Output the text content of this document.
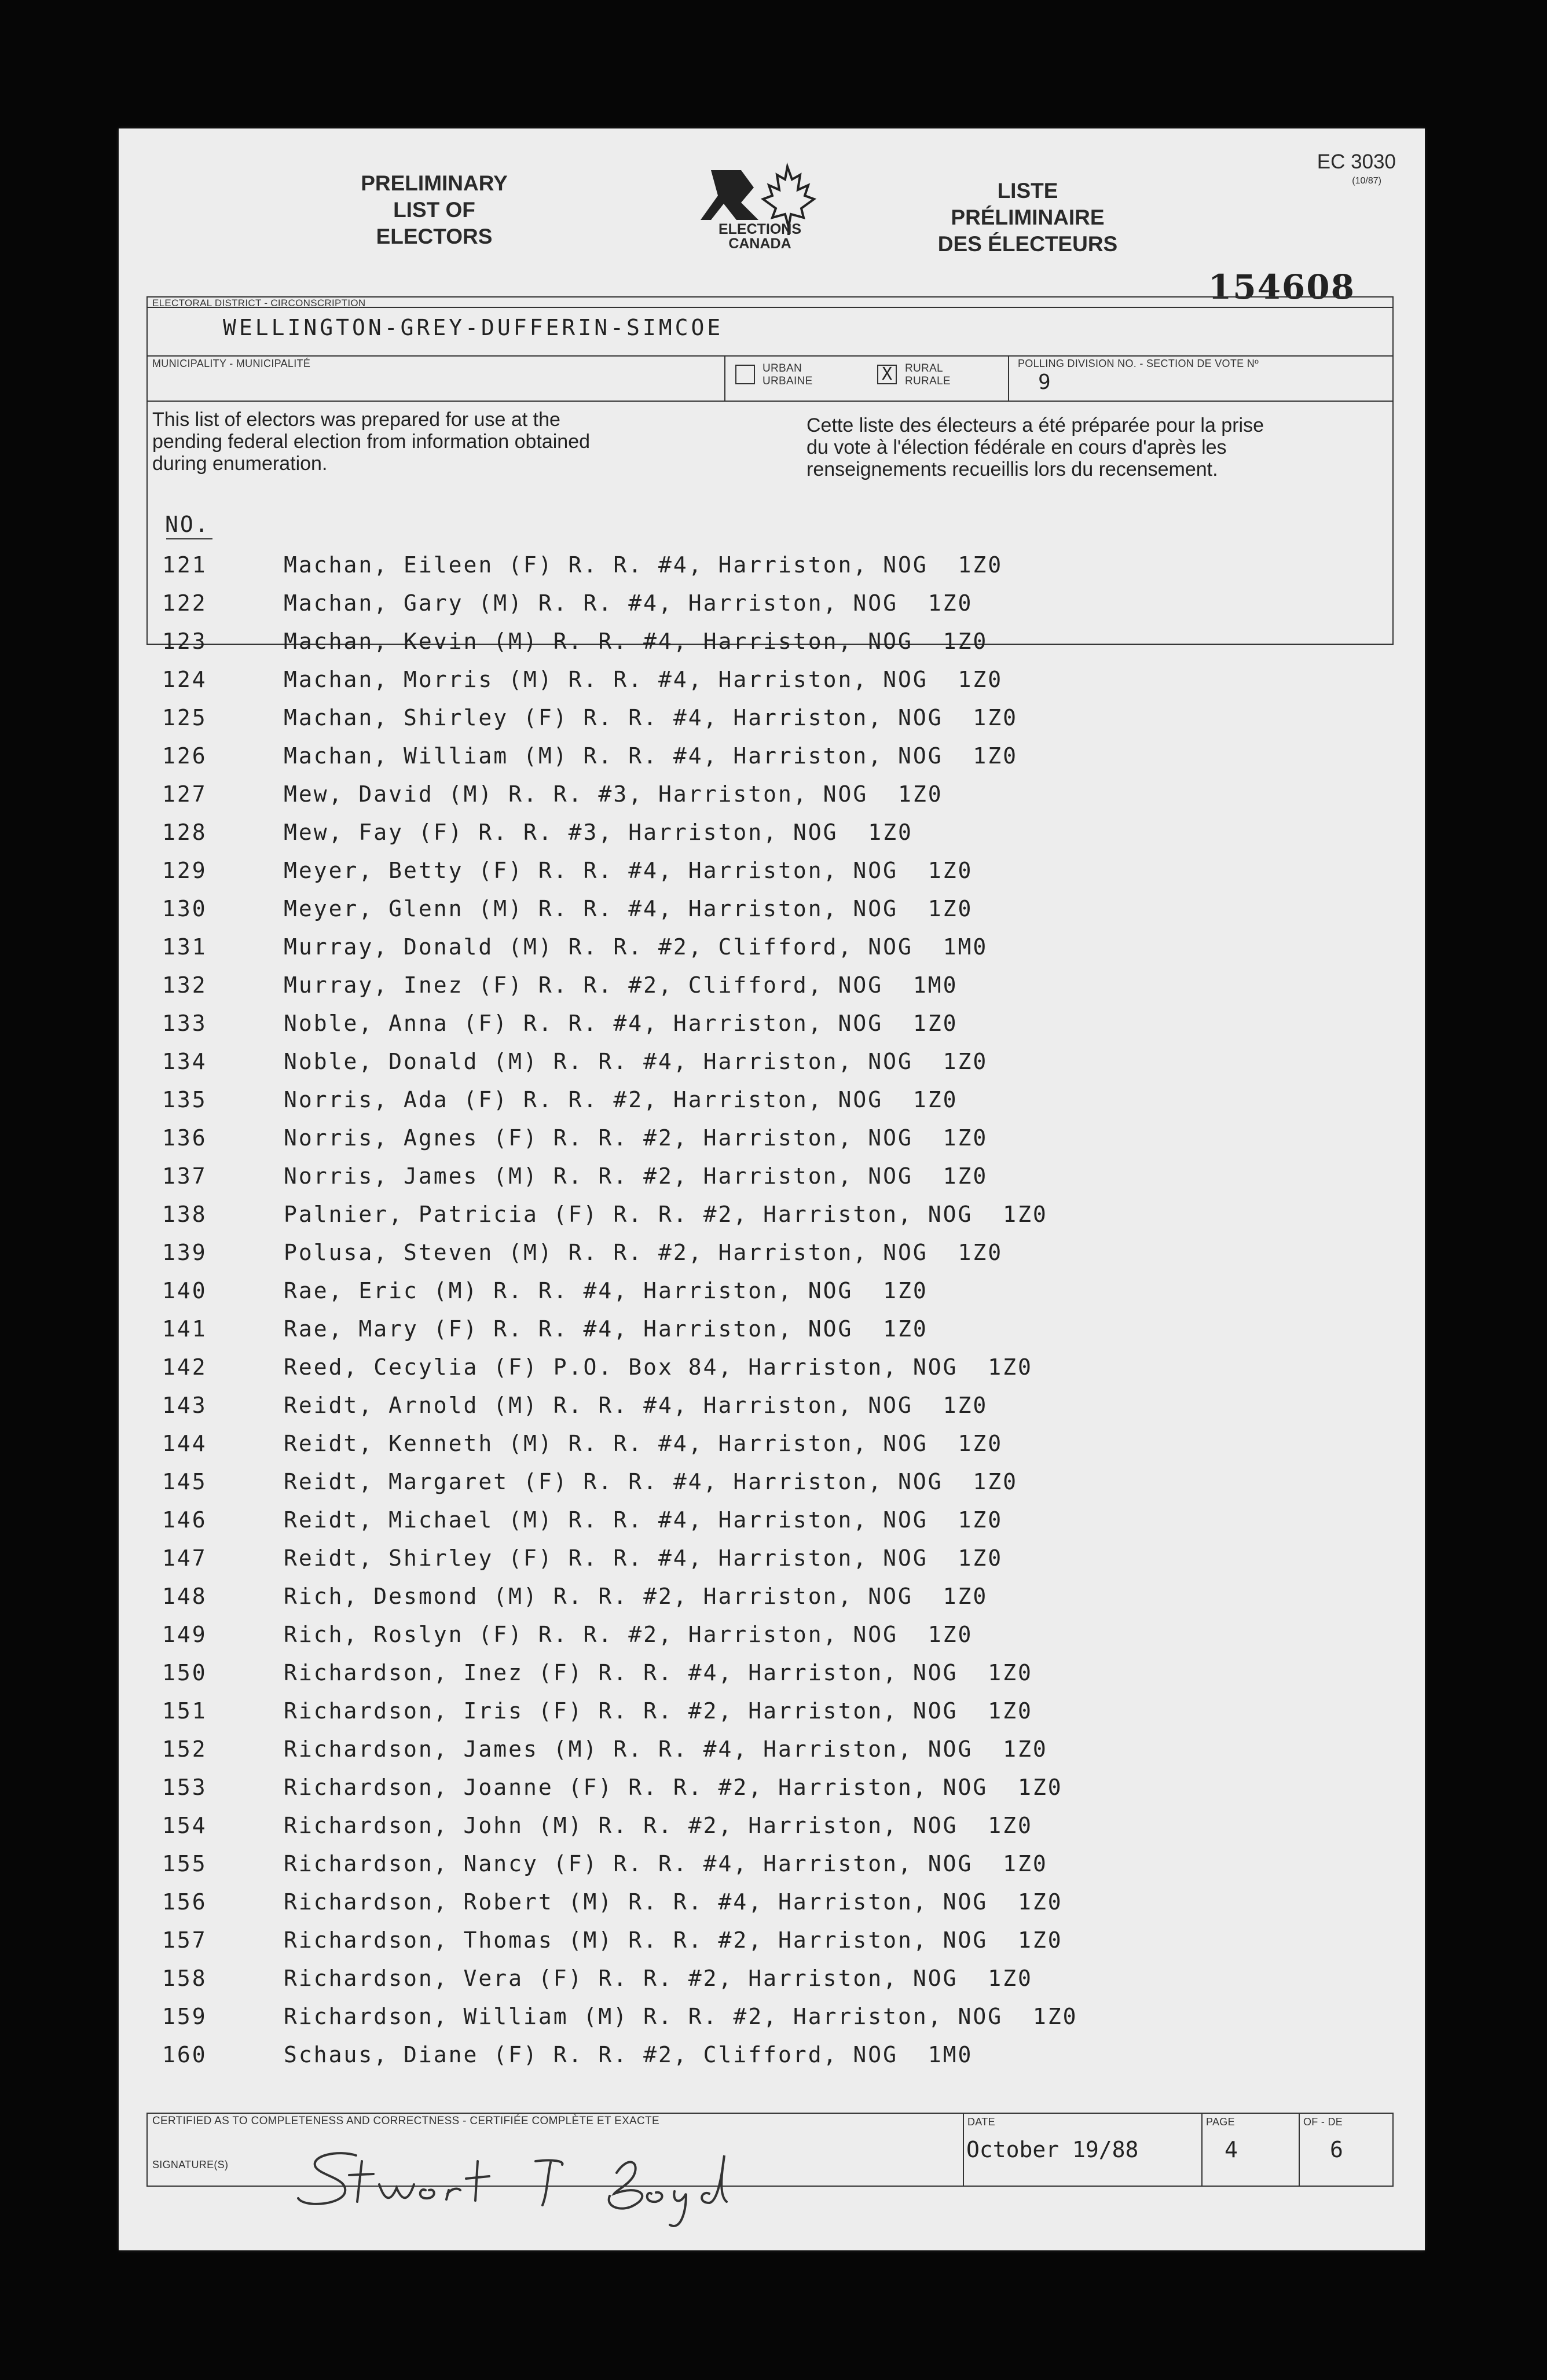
PRELIMINARY
LIST OF
ELECTORS	ELECTIONS
CANADA
LISTE
PRÉLIMINAIRE
DES ÉLECTEURS
EC 3030
(10/87)
154608
ELECTORAL DISTRICT - CIRCONSCRIPTION
WELLINGTON-GREY-DUFFERIN-SIMCOE
MUNICIPALITY - MUNICIPALITÉ	URBAN
URBAINE	X	RURAL
RURALE
POLLING DIVISION NO. - SECTION DE VOTE Nº
9
This list of electors was prepared for use at the
pending federal election from information obtained
during enumeration.
Cette liste des électeurs a été préparée pour la prise
du vote à l'élection fédérale en cours d'après les
renseignements recueillis lors du recensement.
NO.
121	Machan, Eileen (F) R. R. #4, Harriston, NOG  1Z0
122	Machan, Gary (M) R. R. #4, Harriston, NOG  1Z0
123	Machan, Kevin (M) R. R. #4, Harriston, NOG  1Z0
124	Machan, Morris (M) R. R. #4, Harriston, NOG  1Z0
125	Machan, Shirley (F) R. R. #4, Harriston, NOG  1Z0
126	Machan, William (M) R. R. #4, Harriston, NOG  1Z0
127	Mew, David (M) R. R. #3, Harriston, NOG  1Z0
128	Mew, Fay (F) R. R. #3, Harriston, NOG  1Z0
129	Meyer, Betty (F) R. R. #4, Harriston, NOG  1Z0
130	Meyer, Glenn (M) R. R. #4, Harriston, NOG  1Z0
131	Murray, Donald (M) R. R. #2, Clifford, NOG  1M0
132	Murray, Inez (F) R. R. #2, Clifford, NOG  1M0
133	Noble, Anna (F) R. R. #4, Harriston, NOG  1Z0
134	Noble, Donald (M) R. R. #4, Harriston, NOG  1Z0
135	Norris, Ada (F) R. R. #2, Harriston, NOG  1Z0
136	Norris, Agnes (F) R. R. #2, Harriston, NOG  1Z0
137	Norris, James (M) R. R. #2, Harriston, NOG  1Z0
138	Palnier, Patricia (F) R. R. #2, Harriston, NOG  1Z0
139	Polusa, Steven (M) R. R. #2, Harriston, NOG  1Z0
140	Rae, Eric (M) R. R. #4, Harriston, NOG  1Z0
141	Rae, Mary (F) R. R. #4, Harriston, NOG  1Z0
142	Reed, Cecylia (F) P.O. Box 84, Harriston, NOG  1Z0
143	Reidt, Arnold (M) R. R. #4, Harriston, NOG  1Z0
144	Reidt, Kenneth (M) R. R. #4, Harriston, NOG  1Z0
145	Reidt, Margaret (F) R. R. #4, Harriston, NOG  1Z0
146	Reidt, Michael (M) R. R. #4, Harriston, NOG  1Z0
147	Reidt, Shirley (F) R. R. #4, Harriston, NOG  1Z0
148	Rich, Desmond (M) R. R. #2, Harriston, NOG  1Z0
149	Rich, Roslyn (F) R. R. #2, Harriston, NOG  1Z0
150	Richardson, Inez (F) R. R. #4, Harriston, NOG  1Z0
151	Richardson, Iris (F) R. R. #2, Harriston, NOG  1Z0
152	Richardson, James (M) R. R. #4, Harriston, NOG  1Z0
153	Richardson, Joanne (F) R. R. #2, Harriston, NOG  1Z0
154	Richardson, John (M) R. R. #2, Harriston, NOG  1Z0
155	Richardson, Nancy (F) R. R. #4, Harriston, NOG  1Z0
156	Richardson, Robert (M) R. R. #4, Harriston, NOG  1Z0
157	Richardson, Thomas (M) R. R. #2, Harriston, NOG  1Z0
158	Richardson, Vera (F) R. R. #2, Harriston, NOG  1Z0
159	Richardson, William (M) R. R. #2, Harriston, NOG  1Z0
160	Schaus, Diane (F) R. R. #2, Clifford, NOG  1M0
CERTIFIED AS TO COMPLETENESS AND CORRECTNESS - CERTIFIÉE COMPLÈTE ET EXACTE
SIGNATURE(S)
DATE
October 19/88
PAGE
4
OF - DE
6
